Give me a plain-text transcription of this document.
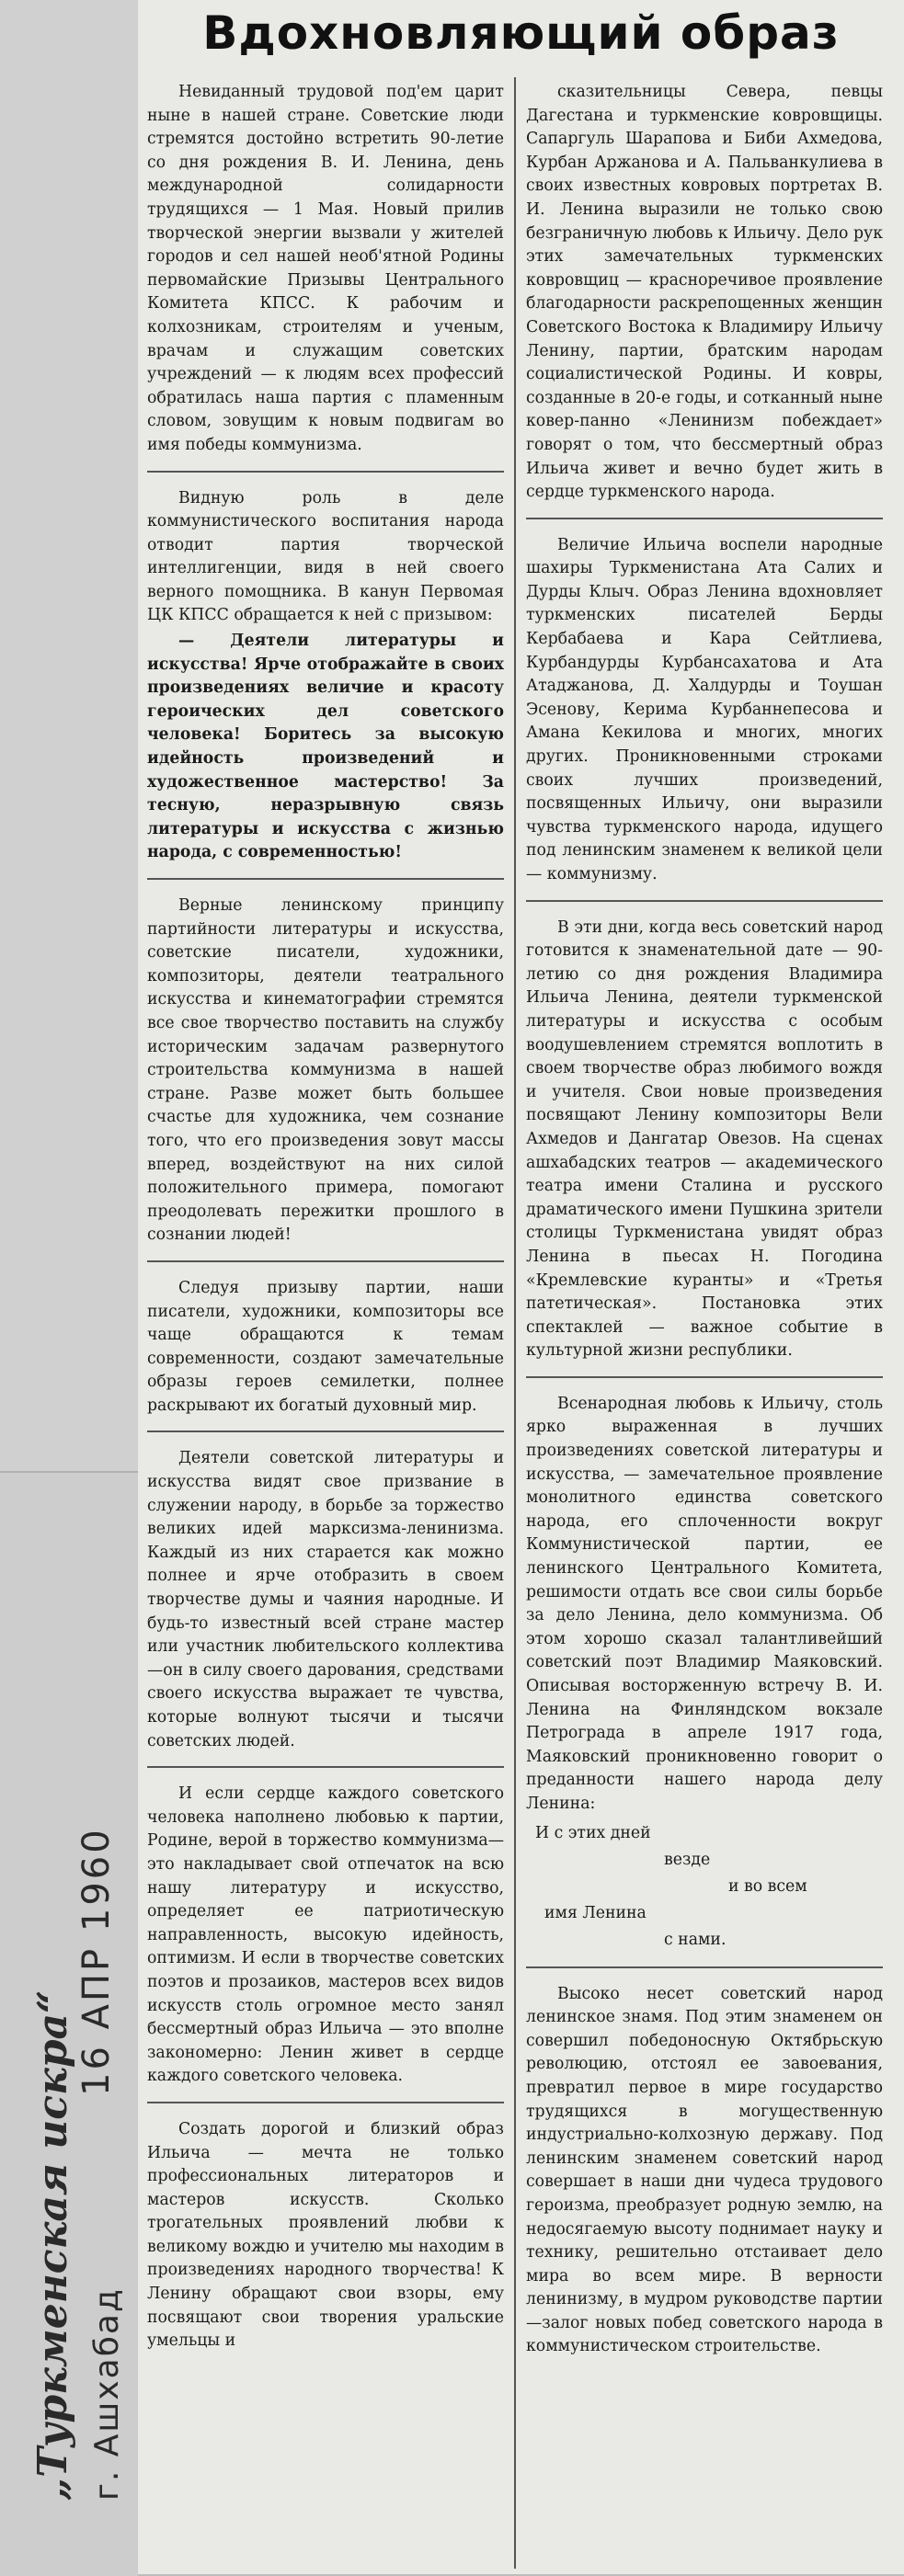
16 АПР 1960
„Туркменская искра“ г. Ашхабад
Вдохновляющий образ

Невиданный трудовой под'ем царит ныне в нашей стране. Советские люди стремятся достойно встретить 90-летие со дня рождения В. И. Ленина, день международной солидарности трудящихся — 1 Мая. Новый прилив творческой энергии вызвали у жителей городов и сел нашей необ'ятной Родины первомайские Призывы Центрального Комитета КПСС. К рабочим и колхозникам, строителям и ученым, врачам и служащим советских учреждений — к людям всех профессий обратилась наша партия с пламенным словом, зовущим к новым подвигам во имя победы коммунизма.

Видную роль в деле коммунистического воспитания народа отводит партия творческой интеллигенции, видя в ней своего верного помощника. В канун Первомая ЦК КПСС обращается к ней с призывом:

— Деятели литературы и искусства! Ярче отображайте в своих произведениях величие и красоту героических дел советского человека! Боритесь за высокую идейность произведений и художественное мастерство! За тесную, неразрывную связь литературы и искусства с жизнью народа, с современностью!

Верные ленинскому принципу партийности литературы и искусства, советские писатели, художники, композиторы, деятели театрального искусства и кинематографии стремятся все свое творчество поставить на службу историческим задачам развернутого строительства коммунизма в нашей стране. Разве может быть большее счастье для художника, чем сознание того, что его произведения зовут массы вперед, воздействуют на них силой положительного примера, помогают преодолевать пережитки прошлого в сознании людей!

Следуя призыву партии, наши писатели, художники, композиторы все чаще обращаются к темам современности, создают замечательные образы героев семилетки, полнее раскрывают их богатый духовный мир.

Деятели советской литературы и искусства видят свое призвание в служении народу, в борьбе за торжество великих идей марксизма-ленинизма. Каждый из них старается как можно полнее и ярче отобразить в своем творчестве думы и чаяния народные. И будь-то известный всей стране мастер или участник любительского коллектива—он в силу своего дарования, средствами своего искусства выражает те чувства, которые волнуют тысячи и тысячи советских людей.

И если сердце каждого советского человека наполнено любовью к партии, Родине, верой в торжество коммунизма—это накладывает свой отпечаток на всю нашу литературу и искусство, определяет ее патриотическую направленность, высокую идейность, оптимизм. И если в творчестве советских поэтов и прозаиков, мастеров всех видов искусств столь огромное место занял бессмертный образ Ильича — это вполне закономерно: Ленин живет в сердце каждого советского человека.

Создать дорогой и близкий образ Ильича — мечта не только профессиональных литераторов и мастеров искусств. Сколько трогательных проявлений любви к великому вождю и учителю мы находим в произведениях народного творчества! К Ленину обращают свои взоры, ему посвящают свои творения уральские умельцы и

сказительницы Севера, певцы Дагестана и туркменские ковровщицы. Сапаргуль Шарапова и Биби Ахмедова, Курбан Аржанова и А. Пальванкулиева в своих известных ковровых портретах В. И. Ленина выразили не только свою безграничную любовь к Ильичу. Дело рук этих замечательных туркменских ковровщиц — красноречивое проявление благодарности раскрепощенных женщин Советского Востока к Владимиру Ильичу Ленину, партии, братским народам социалистической Родины. И ковры, созданные в 20-е годы, и сотканный ныне ковер-панно «Ленинизм побеждает» говорят о том, что бессмертный образ Ильича живет и вечно будет жить в сердце туркменского народа.

Величие Ильича воспели народные шахиры Туркменистана Ата Салих и Дурды Клыч. Образ Ленина вдохновляет туркменских писателей Берды Кербабаева и Кара Сейтлиева, Курбандурды Курбансахатова и Ата Атаджанова, Д. Халдурды и Тоушан Эсенову, Керима Курбаннепесова и Амана Кекилова и многих, многих других. Проникновенными строками своих лучших произведений, посвященных Ильичу, они выразили чувства туркменского народа, идущего под ленинским знаменем к великой цели — коммунизму.

В эти дни, когда весь советский народ готовится к знаменательной дате — 90-летию со дня рождения Владимира Ильича Ленина, деятели туркменской литературы и искусства с особым воодушевлением стремятся воплотить в своем творчестве образ любимого вождя и учителя. Свои новые произведения посвящают Ленину композиторы Вели Ахмедов и Дангатар Овезов. На сценах ашхабадских театров — академического театра имени Сталина и русского драматического имени Пушкина зрители столицы Туркменистана увидят образ Ленина в пьесах Н. Погодина «Кремлевские куранты» и «Третья патетическая». Постановка этих спектаклей — важное событие в культурной жизни республики.

Всенародная любовь к Ильичу, столь ярко выраженная в лучших произведениях советской литературы и искусства, — замечательное проявление монолитного единства советского народа, его сплоченности вокруг Коммунистической партии, ее ленинского Центрального Комитета, решимости отдать все свои силы борьбе за дело Ленина, дело коммунизма. Об этом хорошо сказал талантливейший советский поэт Владимир Маяковский. Описывая восторженную встречу В. И. Ленина на Финляндском вокзале Петрограда в апреле 1917 года, Маяковский проникновенно говорит о преданности нашего народа делу Ленина:

И с этих дней
везде
и во всем
имя Ленина
с нами.

Высоко несет советский народ ленинское знамя. Под этим знаменем он совершил победоносную Октябрьскую революцию, отстоял ее завоевания, превратил первое в мире государство трудящихся в могущественную индустриально-колхозную державу. Под ленинским знаменем советский народ совершает в наши дни чудеса трудового героизма, преобразует родную землю, на недосягаемую высоту поднимает науку и технику, решительно отстаивает дело мира во всем мире. В верности ленинизму, в мудром руководстве партии—залог новых побед советского народа в коммунистическом строительстве.
